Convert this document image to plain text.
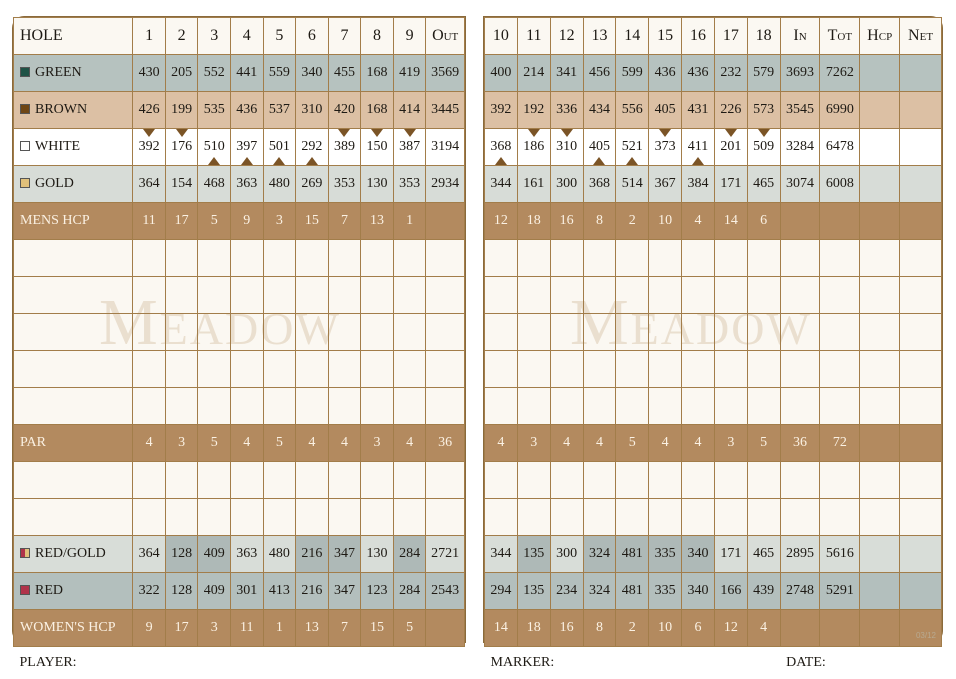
Meadow
HOLE	1	2	3	4	5	6	7	8	9	Out
GREEN	430	205	552	441	559	340	455	168	419	3569
BROWN	426	199	535	436	537	310	420	168	414	3445
WHITE	392	176	510	397	501	292	389	150	387	3194
GOLD	364	154	468	363	480	269	353	130	353	2934
MENS HCP	11	17	5	9	3	15	7	13	1	

PAR	4	3	5	4	5	4	4	3	4	36

RED/GOLD	364	128	409	363	480	216	347	130	284	2721
RED	322	128	409	301	413	216	347	123	284	2543
WOMEN'S HCP	9	17	3	11	1	13	7	15	5	
PLAYER:										
Meadow
10	11	12	13	14	15	16	17	18	In	Tot	Hcp	Net
400	214	341	456	599	436	436	232	579	3693	7262		
392	192	336	434	556	405	431	226	573	3545	6990		
368	186	310	405	521	373	411	201	509	3284	6478		
344	161	300	368	514	367	384	171	465	3074	6008		
12	18	16	8	2	10	4	14	6				

4	3	4	4	5	4	4	3	5	36	72		

344	135	300	324	481	335	340	171	465	2895	5616		
294	135	234	324	481	335	340	166	439	2748	5291		
14	18	16	8	2	10	6	12	4				
MARKER:									DATE:			
03/12
